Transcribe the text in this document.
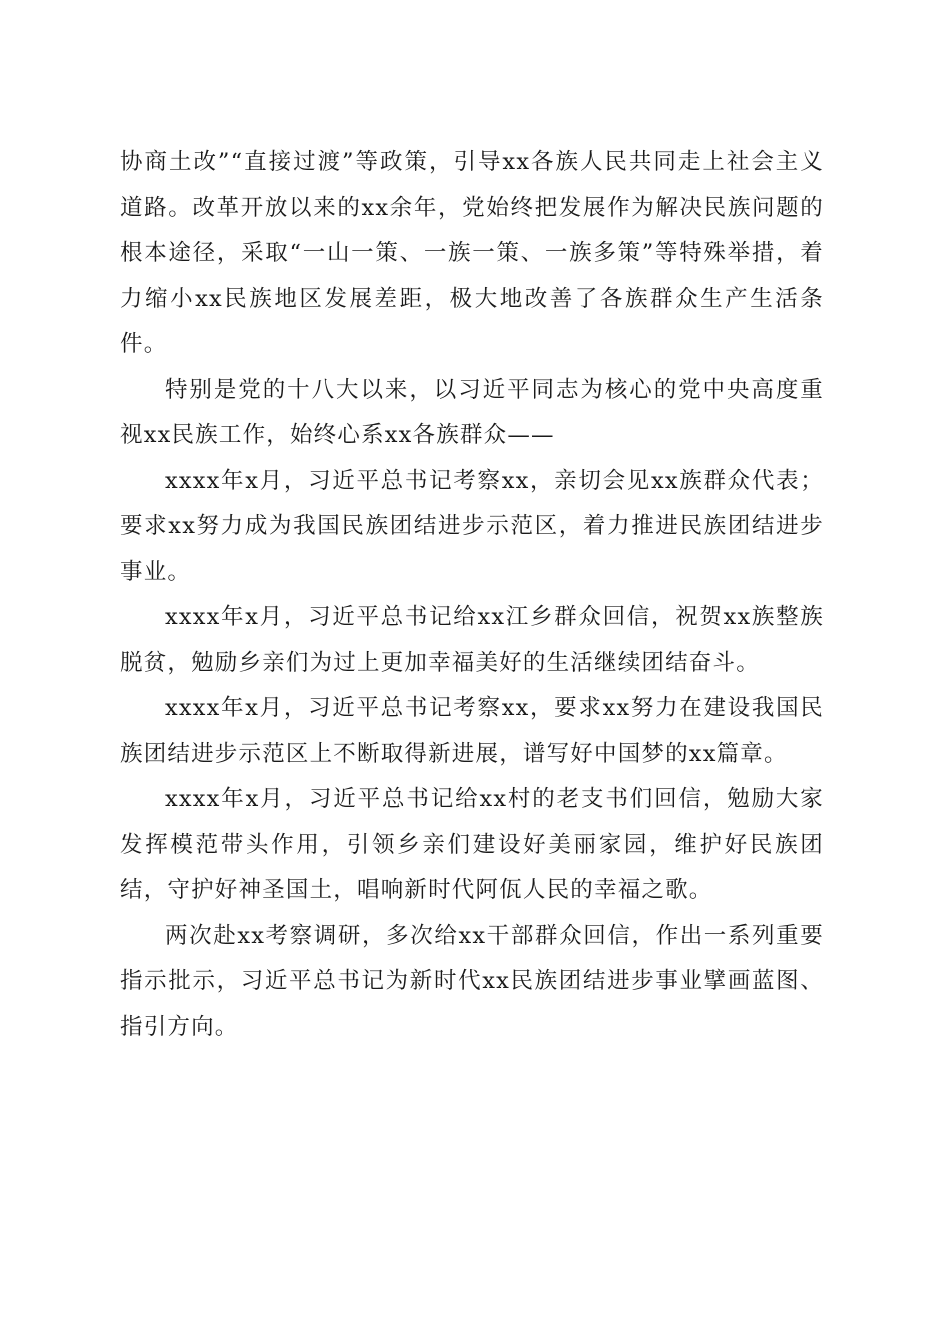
协商土改”“直接过渡”等政策，引导xx各族人民共同走上社会主义道路。改革开放以来的xx余年，党始终把发展作为解决民族问题的根本途径，采取“一山一策、一族一策、一族多策”等特殊举措，着力缩小xx民族地区发展差距，极大地改善了各族群众生产生活条件。

特别是党的十八大以来，以习近平同志为核心的党中央高度重视xx民族工作，始终心系xx各族群众——

xxxx年x月，习近平总书记考察xx，亲切会见xx族群众代表；要求xx努力成为我国民族团结进步示范区，着力推进民族团结进步事业。

xxxx年x月，习近平总书记给xx江乡群众回信，祝贺xx族整族脱贫，勉励乡亲们为过上更加幸福美好的生活继续团结奋斗。

xxxx年x月，习近平总书记考察xx，要求xx努力在建设我国民族团结进步示范区上不断取得新进展，谱写好中国梦的xx篇章。

xxxx年x月，习近平总书记给xx村的老支书们回信，勉励大家发挥模范带头作用，引领乡亲们建设好美丽家园，维护好民族团结，守护好神圣国土，唱响新时代阿佤人民的幸福之歌。

两次赴xx考察调研，多次给xx干部群众回信，作出一系列重要指示批示，习近平总书记为新时代xx民族团结进步事业擘画蓝图、指引方向。
